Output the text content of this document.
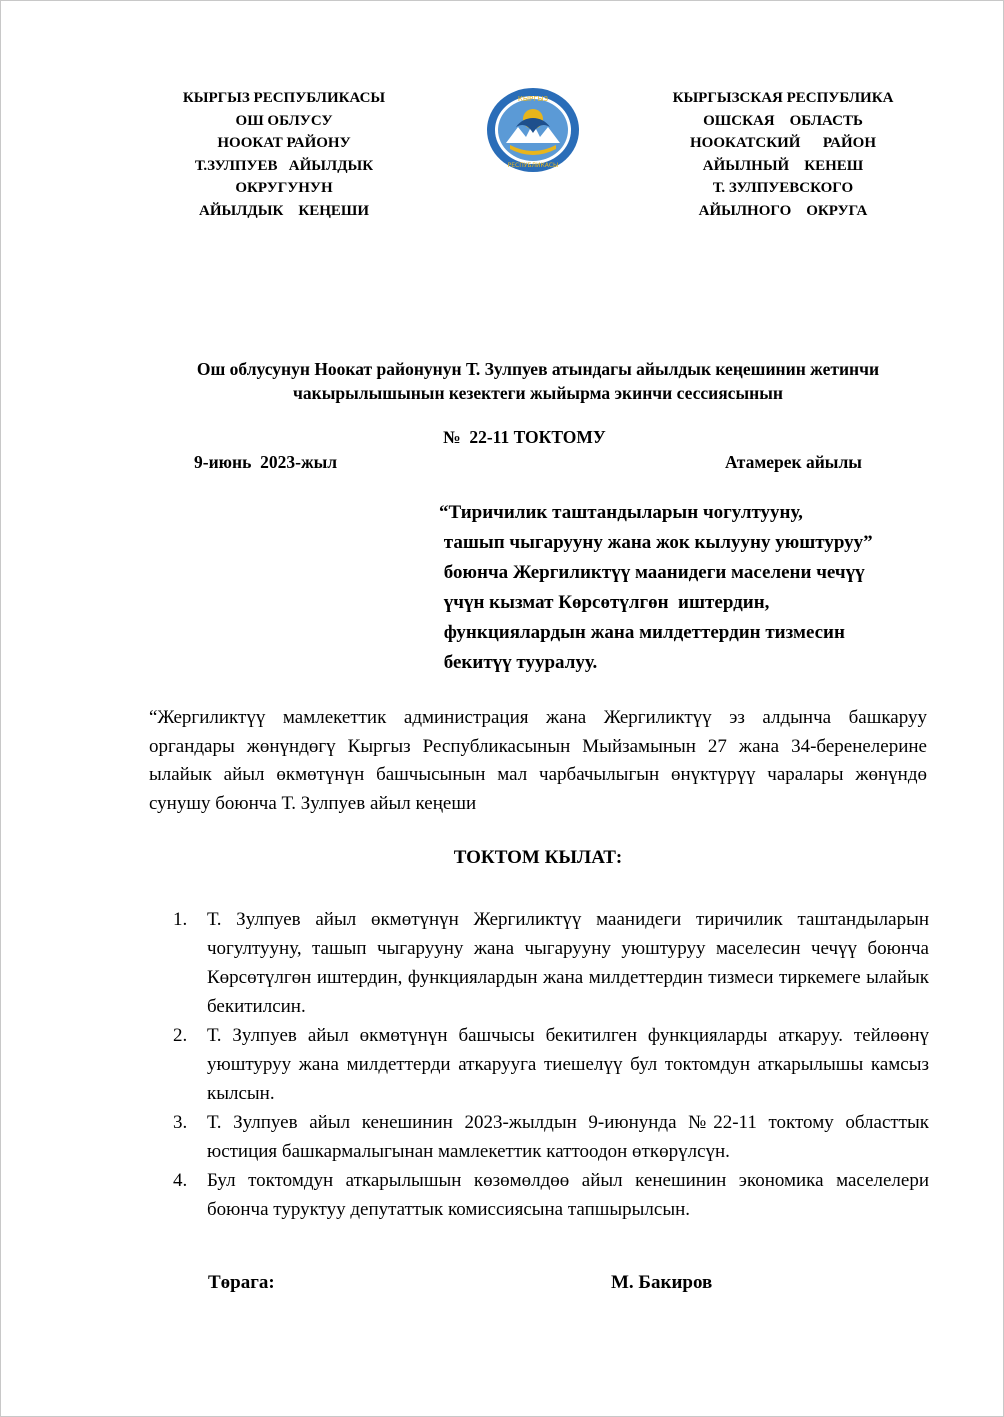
КЫРГЫЗ РЕСПУБЛИКАСЫ
ОШ ОБЛУСУ
НООКАТ РАЙОНУ
Т.ЗУЛПУЕВ   АЙЫЛДЫК
ОКРУГУНУН
АЙЫЛДЫК    КЕҢЕШИ
КЫРГЫЗ
РЕСПУБЛИКАСЫ
КЫРГЫЗСКАЯ РЕСПУБЛИКА
ОШСКАЯ    ОБЛАСТЬ
НООКАТСКИЙ      РАЙОН
АЙЫЛНЫЙ    КЕНЕШ
Т. ЗУЛПУЕВСКОГО
АЙЫЛНОГО    ОКРУГА
Ош облусунун Ноокат районунун Т. Зулпуев атындагы айылдык кеңешинин жетинчи чакырылышынын кезектеги жыйырма экинчи сессиясынын
№  22-11 ТОКТОМУ
9-июнь  2023-жыл	Атамерек айылы
“Тиричилик таштандыларын чогултууну,
ташып чыгарууну жана жок кылууну уюштуруу”
боюнча Жергиликтүү маанидеги маселени чечүү
үчүн кызмат Көрсөтүлгөн  иштердин,
функциялардын жана милдеттердин тизмесин
бекитүү тууралуу.
“Жергиликтүү мамлекеттик администрация жана Жергиликтүү эз алдынча башкаруу органдары жөнүндөгү Кыргыз Республикасынын Мыйзамынын 27 жана 34-беренелерине ылайык айыл өкмөтүнүн башчысынын мал чарбачылыгын өнүктүрүү чаралары жөнүндө сунушу боюнча Т. Зулпуев айыл кеңеши
ТОКТОМ КЫЛАТ:
1.	Т. Зулпуев айыл өкмөтүнүн Жергиликтүү маанидеги тиричилик таштандыларын чогултууну, ташып чыгарууну жана чыгарууну уюштуруу маселесин чечүү боюнча Көрсөтүлгөн иштердин, функциялардын жана милдеттердин тизмеси тиркемеге ылайык бекитилсин.
2.	Т. Зулпуев айыл өкмөтүнүн башчысы бекитилген функцияларды аткаруу. тейлөөнү уюштуруу жана милдеттерди аткарууга тиешелүү бул токтомдун аткарылышы камсыз кылсын.
3.	Т. Зулпуев айыл кенешинин 2023-жылдын 9-июнунда №22-11 токтому областтык юстиция башкармалыгынан мамлекеттик каттоодон өткөрүлсүн.
4.	Бул токтомдун аткарылышын көзөмөлдөө айыл кенешинин экономика маселелери боюнча туруктуу депутаттык комиссиясына тапшырылсын.
Төрага:	М. Бакиров
